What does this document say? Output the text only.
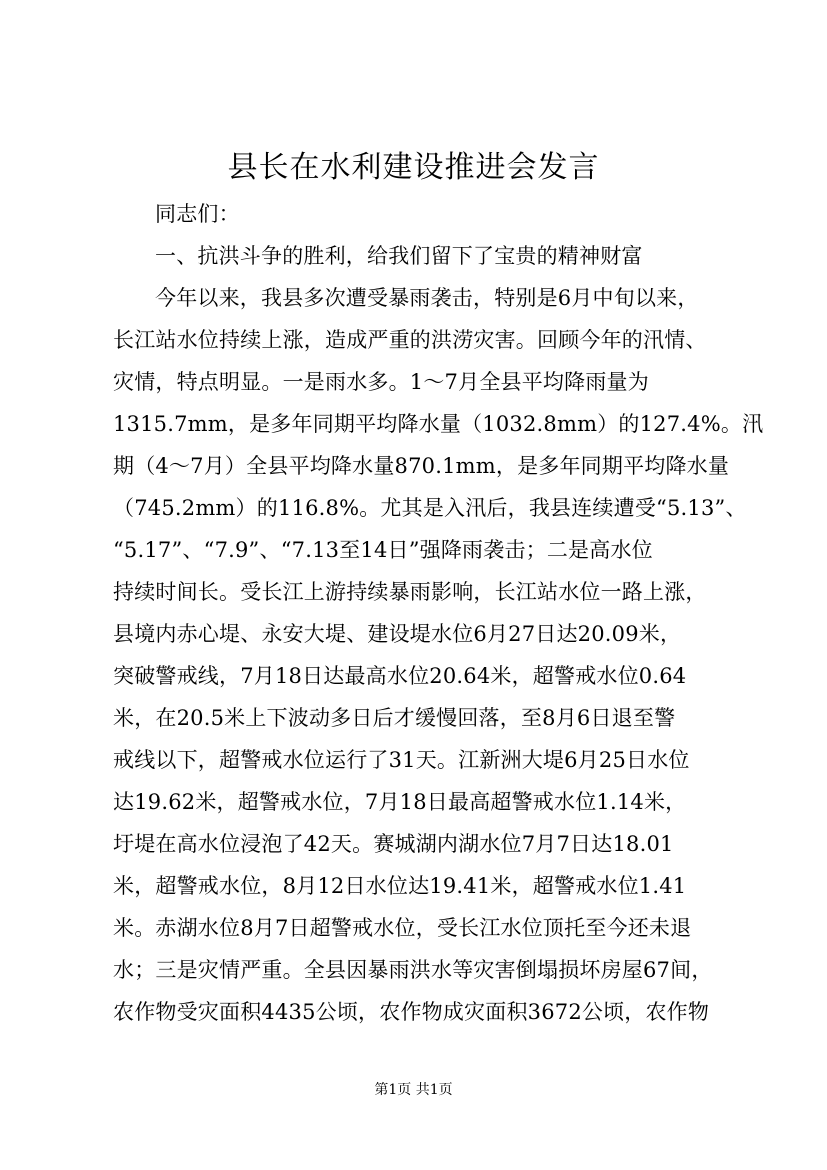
县长在水利建设推进会发言
同志们：
一、抗洪斗争的胜利，给我们留下了宝贵的精神财富
今年以来，我县多次遭受暴雨袭击，特别是6月中旬以来，
长江站水位持续上涨，造成严重的洪涝灾害。回顾今年的汛情、
灾情，特点明显。一是雨水多。1～7月全县平均降雨量为
1315.7mm，是多年同期平均降水量（1032.8mm）的127.4%。汛
期（4～7月）全县平均降水量870.1mm，是多年同期平均降水量
（745.2mm）的116.8%。尤其是入汛后，我县连续遭受“5.13”、
“5.17”、“7.9”、“7.13至14日”强降雨袭击；二是高水位
持续时间长。受长江上游持续暴雨影响，长江站水位一路上涨，
县境内赤心堤、永安大堤、建设堤水位6月27日达20.09米，
突破警戒线，7月18日达最高水位20.64米，超警戒水位0.64
米，在20.5米上下波动多日后才缓慢回落，至8月6日退至警
戒线以下，超警戒水位运行了31天。江新洲大堤6月25日水位
达19.62米，超警戒水位，7月18日最高超警戒水位1.14米，
圩堤在高水位浸泡了42天。赛城湖内湖水位7月7日达18.01
米，超警戒水位，8月12日水位达19.41米，超警戒水位1.41
米。赤湖水位8月7日超警戒水位，受长江水位顶托至今还未退
水；三是灾情严重。全县因暴雨洪水等灾害倒塌损坏房屋67间，
农作物受灾面积4435公顷，农作物成灾面积3672公顷，农作物
第1页 共1页
